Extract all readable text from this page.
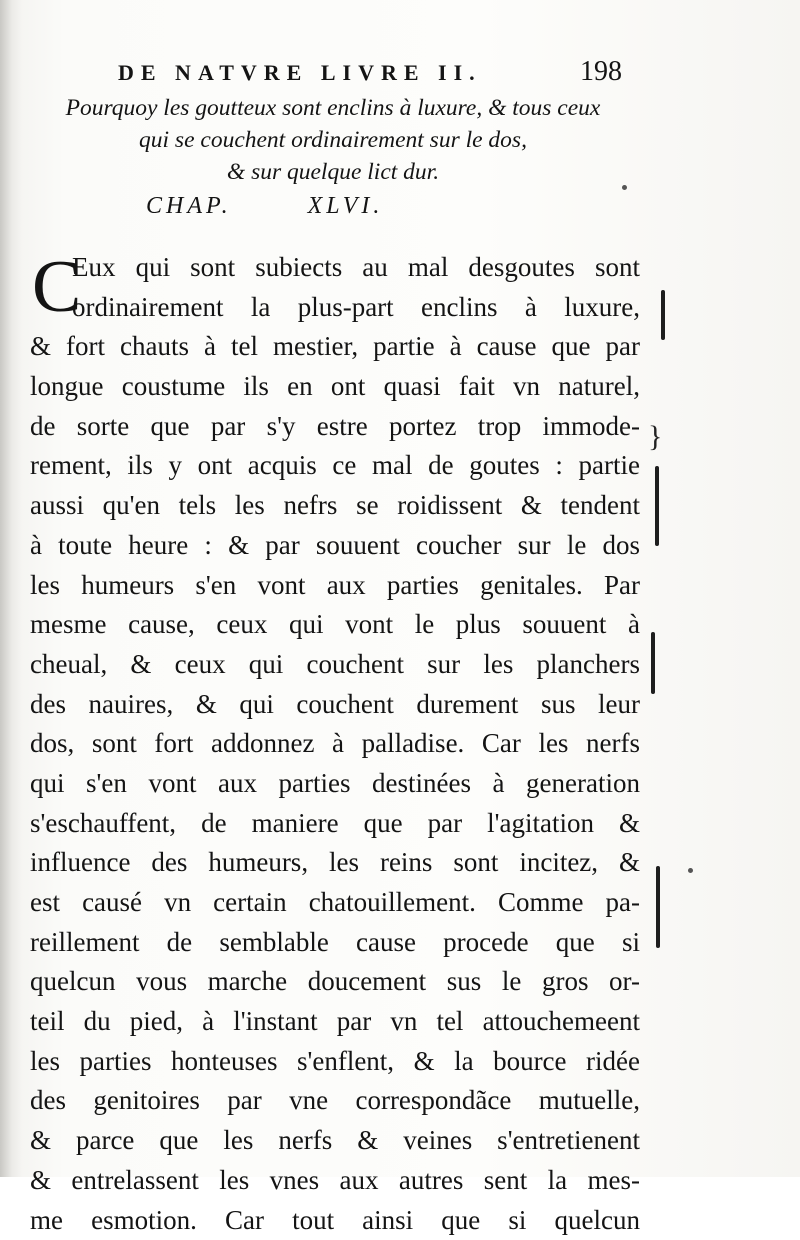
DE NATVRE LIVRE II.	198
Pourquoy les goutteux sont enclins à luxure, & tous ceux
qui se couchent ordinairement sur le dos,
& sur quelque lict dur.
CHAP.	XLVI.
C
Eux qui sont subiects au mal desgoutes sont
ordinairement la plus-part enclins à luxure,
& fort chauts à tel mestier, partie à cause que par
longue coustume ils en ont quasi fait vn naturel,
de sorte que par s'y estre portez trop immode-
rement, ils y ont acquis ce mal de goutes : partie
aussi qu'en tels les nefrs se roidissent & tendent
à toute heure : & par souuent coucher sur le dos
les humeurs s'en vont aux parties genitales. Par
mesme cause, ceux qui vont le plus souuent à
cheual, & ceux qui couchent sur les planchers
des nauires, & qui couchent durement sus leur
dos, sont fort addonnez à palladise. Car les nerfs
qui s'en vont aux parties destinées à generation
s'eschauffent, de maniere que par l'agitation &
influence des humeurs, les reins sont incitez, &
est causé vn certain chatouillement. Comme pa-
reillement de semblable cause procede que si
quelcun vous marche doucement sus le gros or-
teil du pied, à l'instant par vn tel attouchemeent
les parties honteuses s'enflent, & la bource ridée
des genitoires par vne correspondãce mutuelle,
& parce que les nerfs & veines s'entretienent
& entrelassent les vnes aux autres sent la mes-
me esmotion. Car tout ainsi que si quelcun
}
